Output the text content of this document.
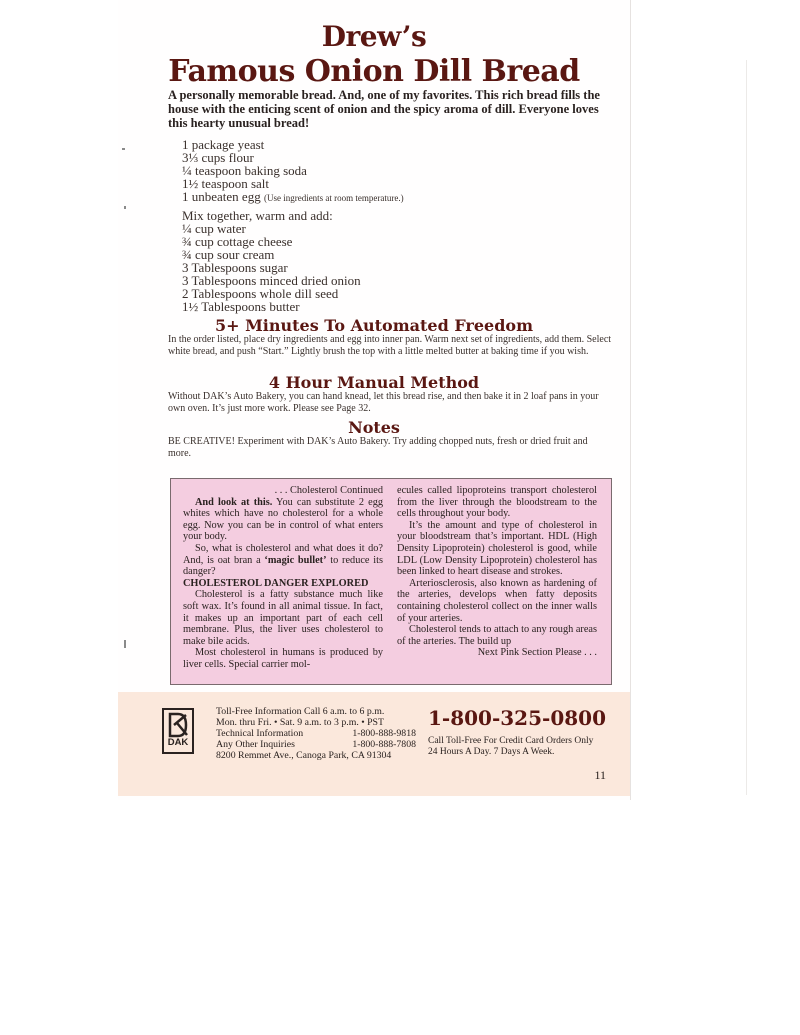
Drew’s
Famous Onion Dill Bread

A personally memorable bread. And, one of my favorites. This rich bread fills the house with the enticing scent of onion and the spicy aroma of dill. Everyone loves this hearty unusual bread!

1 package yeast
3⅓ cups flour
¼ teaspoon baking soda
1½ teaspoon salt
1 unbeaten egg (Use ingredients at room temperature.)
Mix together, warm and add:
¼ cup water
¾ cup cottage cheese
¾ cup sour cream
3 Tablespoons sugar
3 Tablespoons minced dried onion
2 Tablespoons whole dill seed
1½ Tablespoons butter
5+ Minutes To Automated Freedom

In the order listed, place dry ingredients and egg into inner pan. Warm next set of ingredients, add them. Select white bread, and push “Start.” Lightly brush the top with a little melted butter at baking time if you wish.

4 Hour Manual Method

Without DAK’s Auto Bakery, you can hand knead, let this bread rise, and then bake it in 2 loaf pans in your own oven. It’s just more work. Please see Page 32.

Notes

BE CREATIVE! Experiment with DAK’s Auto Bakery. Try adding chopped nuts, fresh or dried fruit and more.

. . . Cholesterol Continued

And look at this. You can substitute 2 egg whites which have no cholesterol for a whole egg. Now you can be in control of what enters your body.

So, what is cholesterol and what does it do? And, is oat bran a ‘magic bullet’ to reduce its danger?

CHOLESTEROL DANGER EXPLORED

Cholesterol is a fatty substance much like soft wax. It’s found in all animal tissue. In fact, it makes up an important part of each cell membrane. Plus, the liver uses cholesterol to make bile acids.

Most cholesterol in humans is produced by liver cells. Special carrier mol-

ecules called lipoproteins transport cholesterol from the liver through the bloodstream to the cells throughout your body.

It’s the amount and type of cholesterol in your bloodstream that’s important. HDL (High Density Lipoprotein) cholesterol is good, while LDL (Low Density Lipoprotein) cholesterol has been linked to heart disease and strokes.

Arteriosclerosis, also known as hardening of the arteries, develops when fatty deposits containing cholesterol collect on the inner walls of your arteries.

Cholesterol tends to attach to any rough areas of the arteries. The build up

Next Pink Section Please . . .

DAK
Toll-Free Information Call 6 a.m. to 6 p.m.
Mon. thru Fri. • Sat. 9 a.m. to 3 p.m. • PST
Technical Information	1-800-888-9818
Any Other Inquiries	1-800-888-7808
8200 Remmet Ave., Canoga Park, CA 91304

1-800-325-0800

Call Toll-Free For Credit Card Orders Only
24 Hours A Day. 7 Days A Week.
11
